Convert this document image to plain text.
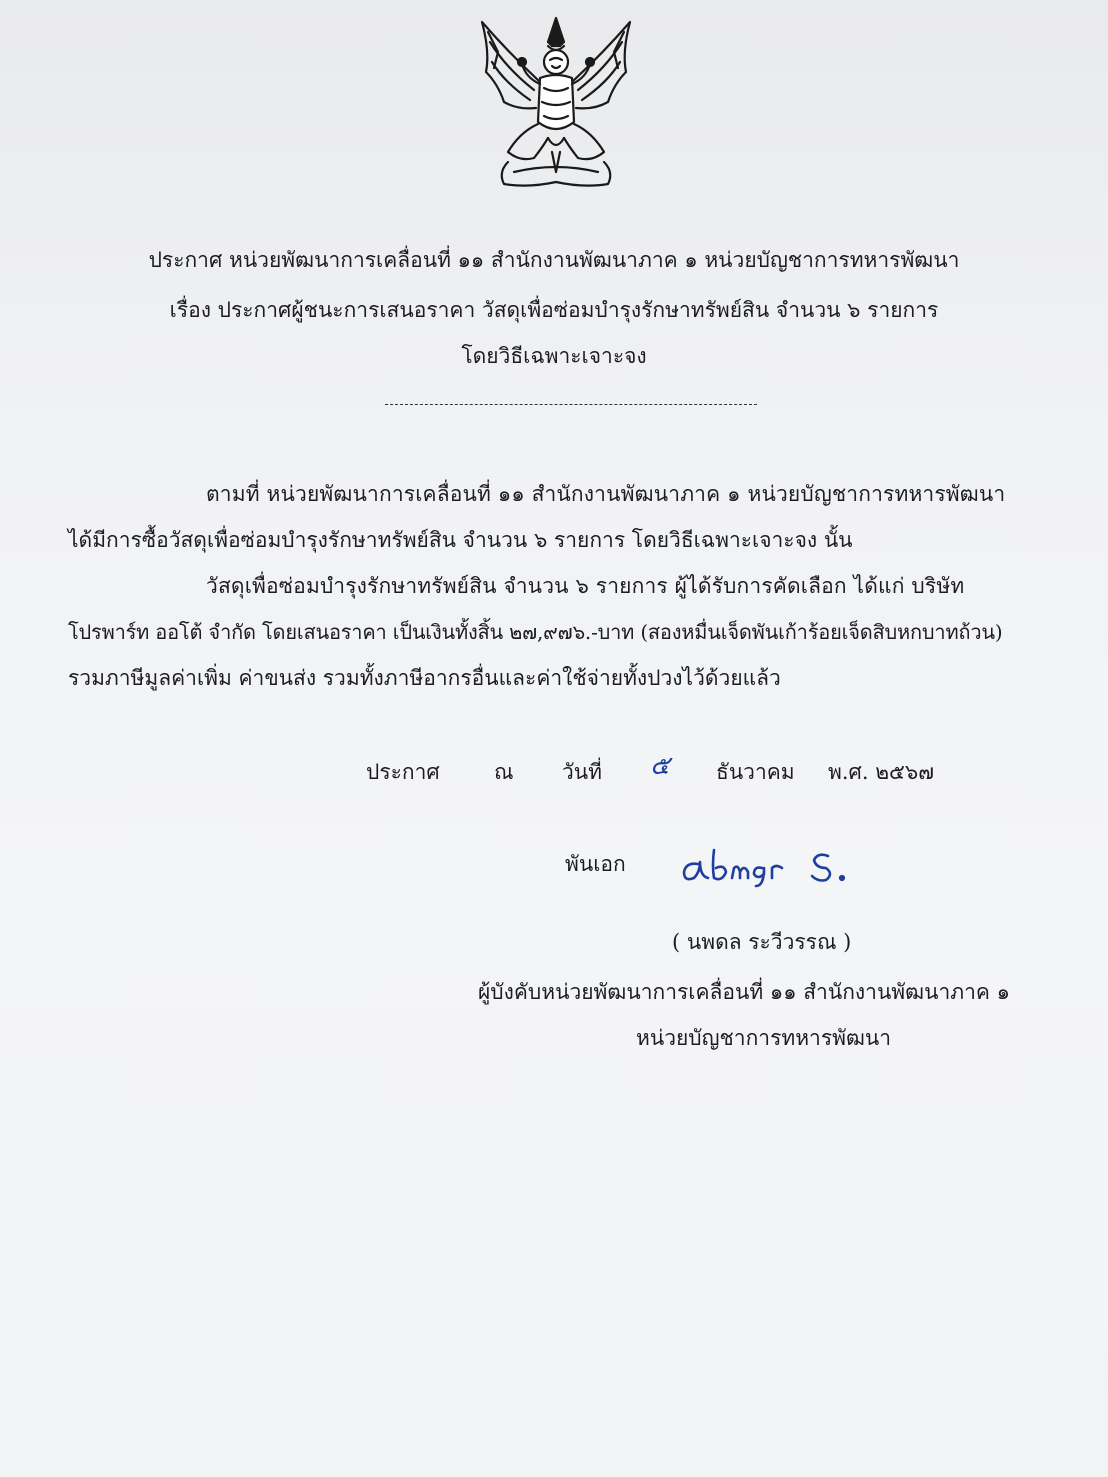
ประกาศ หน่วยพัฒนาการเคลื่อนที่ ๑๑ สำนักงานพัฒนาภาค ๑ หน่วยบัญชาการทหารพัฒนา
เรื่อง ประกาศผู้ชนะการเสนอราคา วัสดุเพื่อซ่อมบำรุงรักษาทรัพย์สิน จำนวน ๖ รายการ
โดยวิธีเฉพาะเจาะจง
ตามที่ หน่วยพัฒนาการเคลื่อนที่ ๑๑ สำนักงานพัฒนาภาค ๑ หน่วยบัญชาการทหารพัฒนา
ได้มีการซื้อวัสดุเพื่อซ่อมบำรุงรักษาทรัพย์สิน จำนวน ๖ รายการ โดยวิธีเฉพาะเจาะจง นั้น
วัสดุเพื่อซ่อมบำรุงรักษาทรัพย์สิน จำนวน ๖ รายการ ผู้ได้รับการคัดเลือก ได้แก่ บริษัท
โปรพาร์ท ออโต้ จำกัด โดยเสนอราคา เป็นเงินทั้งสิ้น ๒๗,๙๗๖.-บาท (สองหมื่นเจ็ดพันเก้าร้อยเจ็ดสิบหกบาทถ้วน)
รวมภาษีมูลค่าเพิ่ม ค่าขนส่ง รวมทั้งภาษีอากรอื่นและค่าใช้จ่ายทั้งปวงไว้ด้วยแล้ว
ประกาศ	ณ วันที่ ๕ ธันวาคม พ.ศ. ๒๕๖๗
พันเอก
( นพดล ระวีวรรณ )
ผู้บังคับหน่วยพัฒนาการเคลื่อนที่ ๑๑ สำนักงานพัฒนาภาค ๑
หน่วยบัญชาการทหารพัฒนา
